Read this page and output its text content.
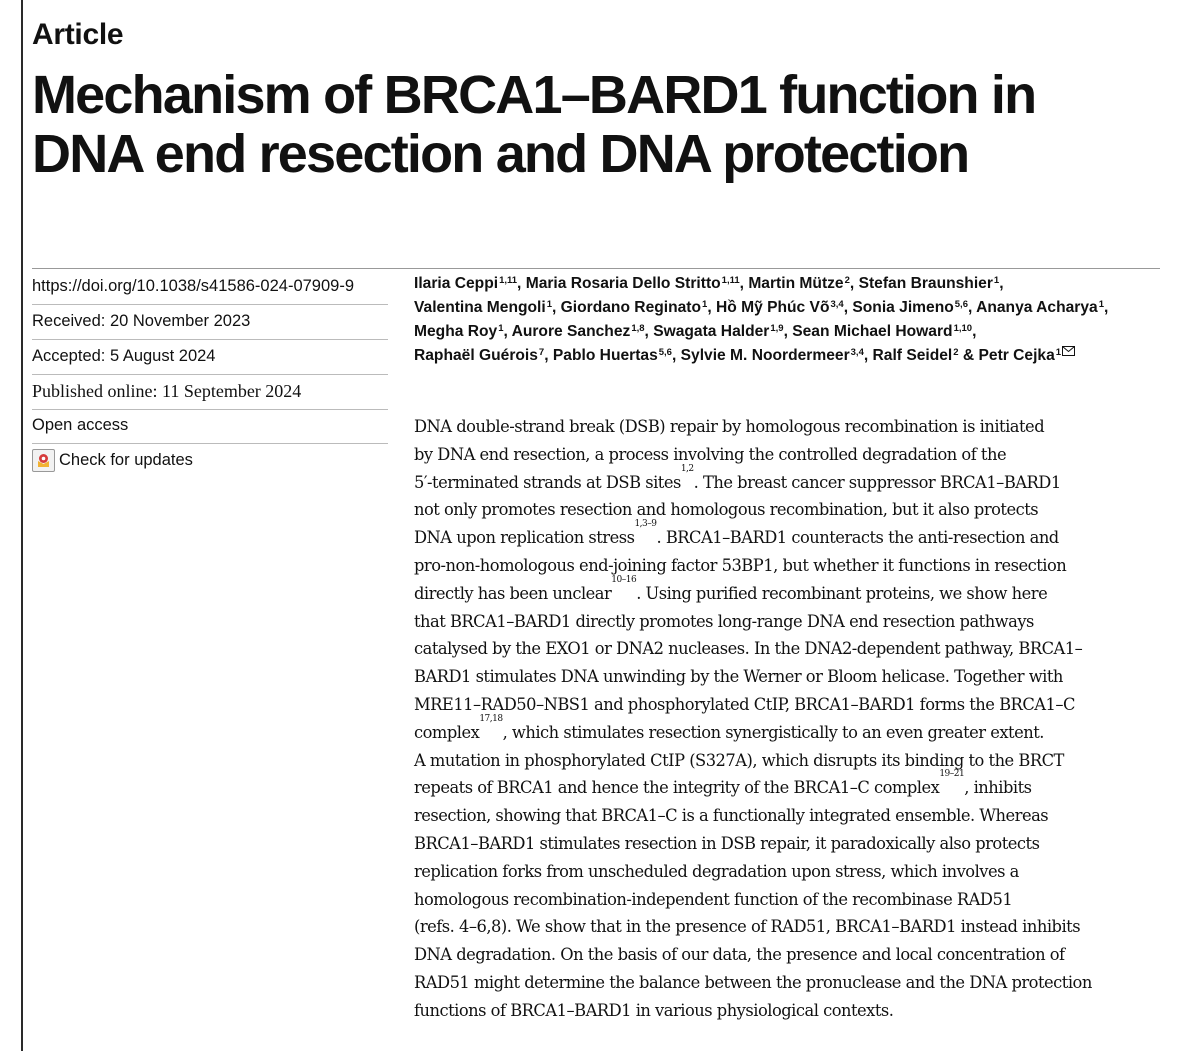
Article
Mechanism of BRCA1–BARD1 function in
DNA end resection and DNA protection
https://doi.org/10.1038/s41586-024-07909-9
Received: 20 November 2023
Accepted: 5 August 2024
Published online: 11 September 2024
Open access
Check for updates
Ilaria Ceppi$^{1,11}$, Maria Rosaria Dello Stritto$^{1,11}$, Martin Mütze$^2$, Stefan Braunshier$^1$,
Valentina Mengoli$^1$, Giordano Reginato$^1$, Hồ Mỹ Phúc Võ$^{3,4}$, Sonia Jimeno$^{5,6}$, Ananya Acharya$^1$,
Megha Roy$^1$, Aurore Sanchez$^{1,8}$, Swagata Halder$^{1,9}$, Sean Michael Howard$^{1,10}$,
Raphaël Guérois$^7$, Pablo Huertas$^{5,6}$, Sylvie M. Noordermeer$^{3,4}$, Ralf Seidel$^2$ & Petr Cejka$^1$

DNA double-strand break (DSB) repair by homologous recombination is initiated
by DNA end resection, a process involving the controlled degradation of the
5′-terminated strands at DSB sites$^{1,2}$. The breast cancer suppressor BRCA1–BARD1
not only promotes resection and homologous recombination, but it also protects
DNA upon replication stress$^{1,3-9}$. BRCA1–BARD1 counteracts the anti-resection and
pro-non-homologous end-joining factor 53BP1, but whether it functions in resection
directly has been unclear$^{10-16}$. Using purified recombinant proteins, we show here
that BRCA1–BARD1 directly promotes long-range DNA end resection pathways
catalysed by the EXO1 or DNA2 nucleases. In the DNA2-dependent pathway, BRCA1–
BARD1 stimulates DNA unwinding by the Werner or Bloom helicase. Together with
MRE11–RAD50–NBS1 and phosphorylated CtIP, BRCA1–BARD1 forms the BRCA1–C
complex$^{17,18}$, which stimulates resection synergistically to an even greater extent.
A mutation in phosphorylated CtIP (S327A), which disrupts its binding to the BRCT
repeats of BRCA1 and hence the integrity of the BRCA1–C complex$^{19-21}$, inhibits
resection, showing that BRCA1–C is a functionally integrated ensemble. Whereas
BRCA1–BARD1 stimulates resection in DSB repair, it paradoxically also protects
replication forks from unscheduled degradation upon stress, which involves a
homologous recombination-independent function of the recombinase RAD51
(refs. 4–6,8). We show that in the presence of RAD51, BRCA1–BARD1 instead inhibits
DNA degradation. On the basis of our data, the presence and local concentration of
RAD51 might determine the balance between the pronuclease and the DNA protection
functions of BRCA1–BARD1 in various physiological contexts.
